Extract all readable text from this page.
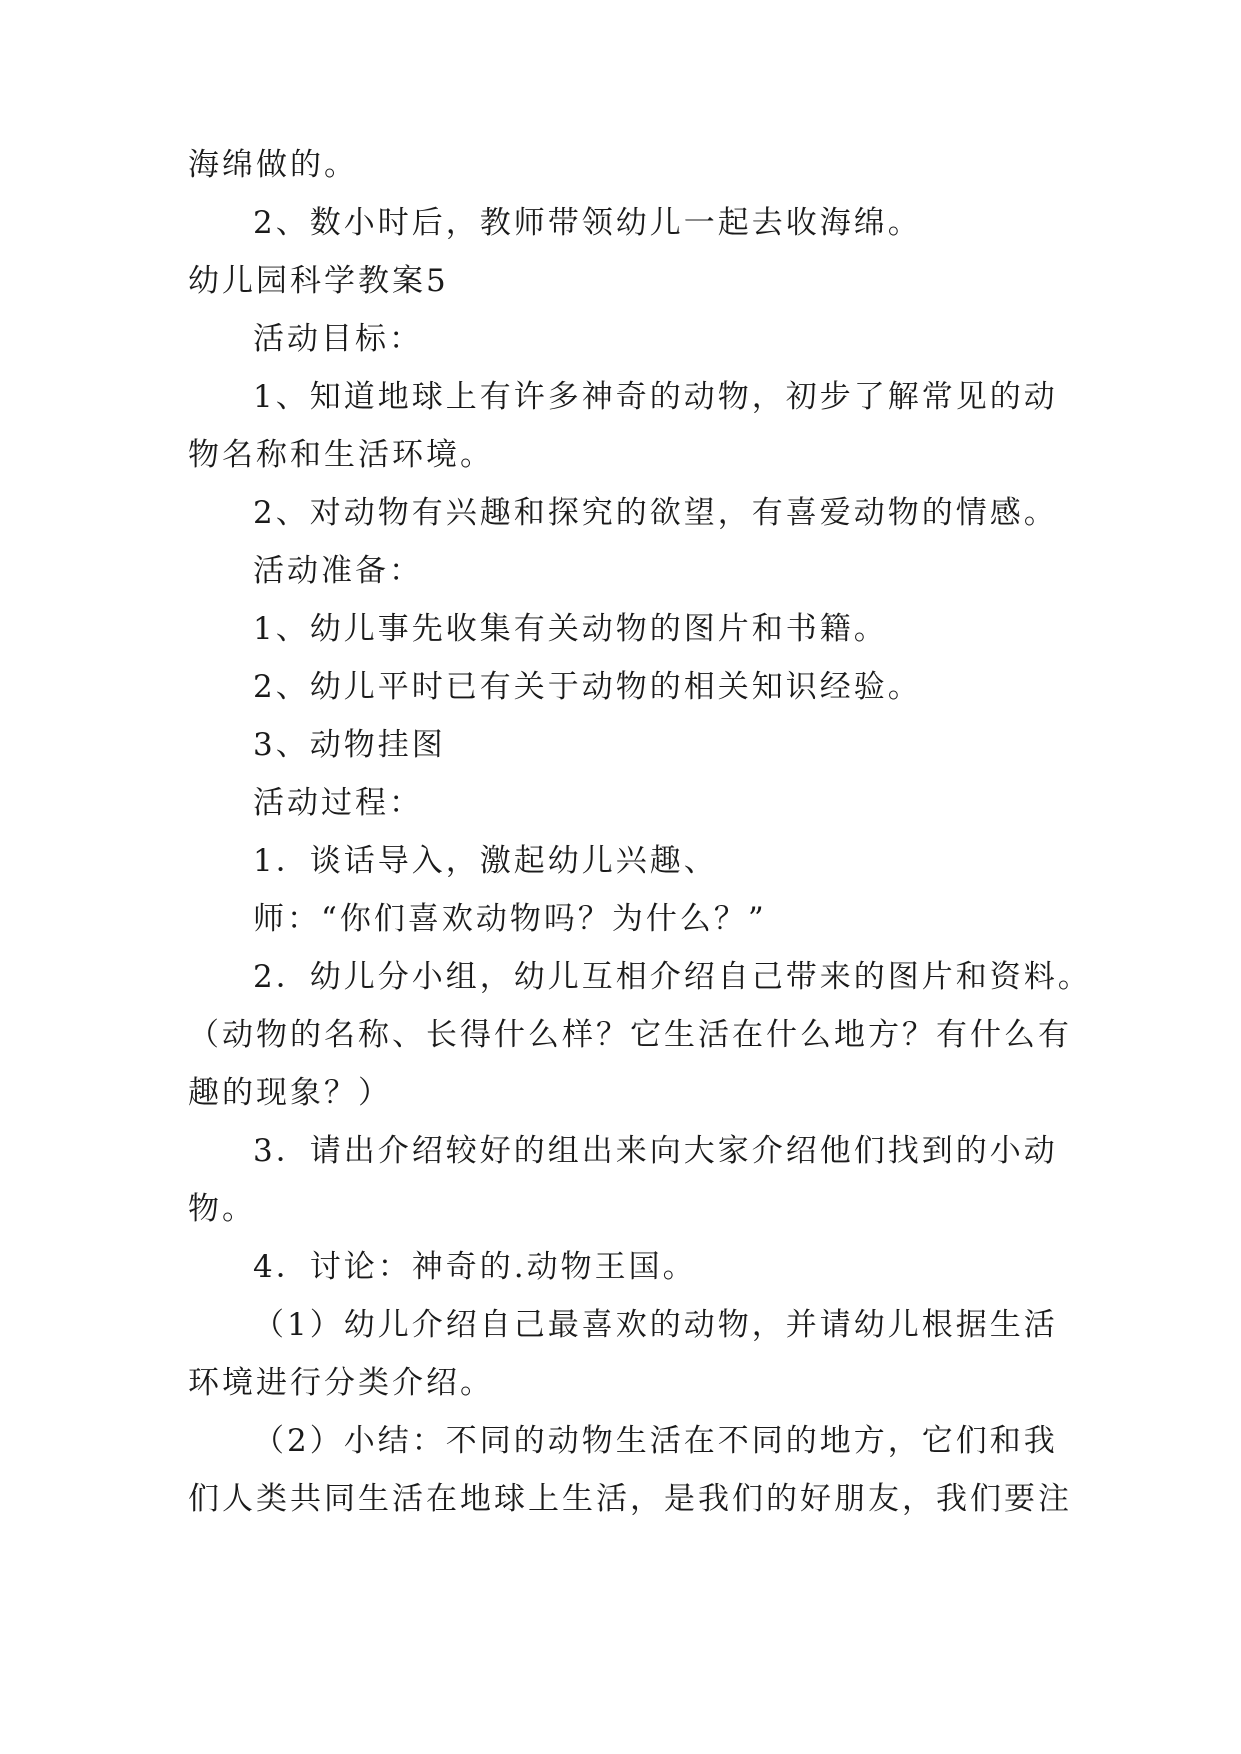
海绵做的。
2、数小时后，教师带领幼儿一起去收海绵。
幼儿园科学教案5
活动目标：
1、知道地球上有许多神奇的动物，初步了解常见的动
物名称和生活环境。
2、对动物有兴趣和探究的欲望，有喜爱动物的情感。
活动准备：
1、幼儿事先收集有关动物的图片和书籍。
2、幼儿平时已有关于动物的相关知识经验。
3、动物挂图
活动过程：
1．谈话导入，激起幼儿兴趣、
师：“你们喜欢动物吗？为什么？”
2．幼儿分小组，幼儿互相介绍自己带来的图片和资料。
（动物的名称、长得什么样？它生活在什么地方？有什么有
趣的现象？）
3．请出介绍较好的组出来向大家介绍他们找到的小动
物。
4．讨论：神奇的.动物王国。
（1）幼儿介绍自己最喜欢的动物，并请幼儿根据生活
环境进行分类介绍。
（2）小结：不同的动物生活在不同的地方，它们和我
们人类共同生活在地球上生活，是我们的好朋友，我们要注
